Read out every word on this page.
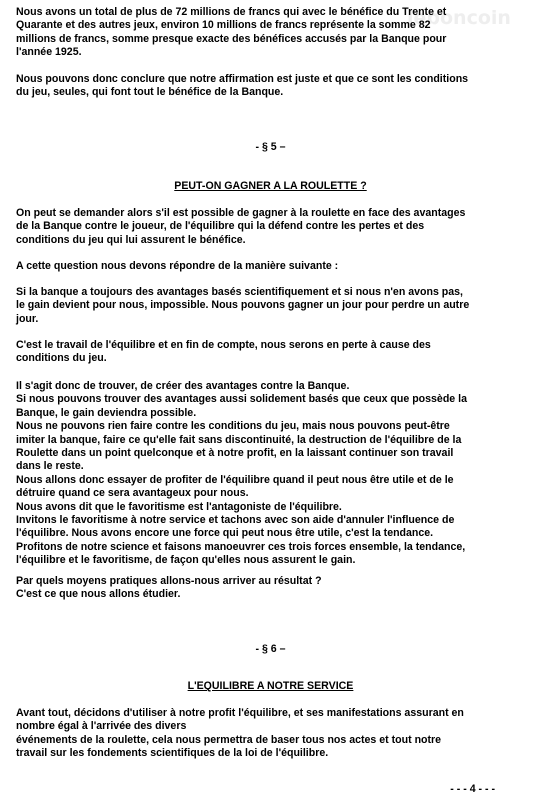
leboncoin

Nous avons un total de plus de 72 millions de francs qui avec le bénéfice du Trente et
Quarante et des autres jeux, environ 10 millions de francs représente la somme 82
millions de francs, somme presque exacte des bénéfices accusés par la Banque pour
l'année 1925.

Nous pouvons donc conclure que notre affirmation est juste et que ce sont les conditions
du jeu, seules, qui font tout le bénéfice de la Banque.

- § 5 –

PEUT-ON GAGNER A LA ROULETTE ?

On peut se demander alors s'il est possible de gagner à la roulette en face des avantages
de la Banque contre le joueur, de l'équilibre qui la défend contre les pertes et des
conditions du jeu qui lui assurent le bénéfice.

A cette question nous devons répondre de la manière suivante :

Si la banque a toujours des avantages basés scientifiquement et si nous n'en avons pas,
le gain devient pour nous, impossible. Nous pouvons gagner un jour pour perdre un autre
jour.

C'est le travail de l'équilibre et en fin de compte, nous serons en perte à cause des
conditions du jeu.

Il s'agit donc de trouver, de créer des avantages contre la Banque.
Si nous pouvons trouver des avantages aussi solidement basés que ceux que possède la
Banque, le gain deviendra possible.
Nous ne pouvons rien faire contre les conditions du jeu, mais nous pouvons peut-être
imiter la banque, faire ce qu'elle fait sans discontinuité, la destruction de l'équilibre de la
Roulette dans un point quelconque et à notre profit, en la laissant continuer son travail
dans le reste.
Nous allons donc essayer de profiter de l'équilibre quand il peut nous être utile et de le
détruire quand ce sera avantageux pour nous.
Nous avons dit que le favoritisme est l'antagoniste de l'équilibre.
Invitons le favoritisme à notre service et tachons avec son aide d'annuler l'influence de
l'équilibre. Nous avons encore une force qui peut nous être utile, c'est la tendance.
Profitons de notre science et faisons manoeuvrer ces trois forces ensemble, la tendance,
l'équilibre et le favoritisme, de façon qu'elles nous assurent le gain.

Par quels moyens pratiques allons-nous arriver au résultat ?
C'est ce que nous allons étudier.

- § 6 –

L'EQUILIBRE A NOTRE SERVICE

Avant tout, décidons d'utiliser à notre profit l'équilibre, et ses manifestations assurant en
nombre égal à l'arrivée des divers
événements de la roulette, cela nous permettra de baser tous nos actes et tout notre
travail sur les fondements scientifiques de la loi de l'équilibre.

- - - 4 - - -
